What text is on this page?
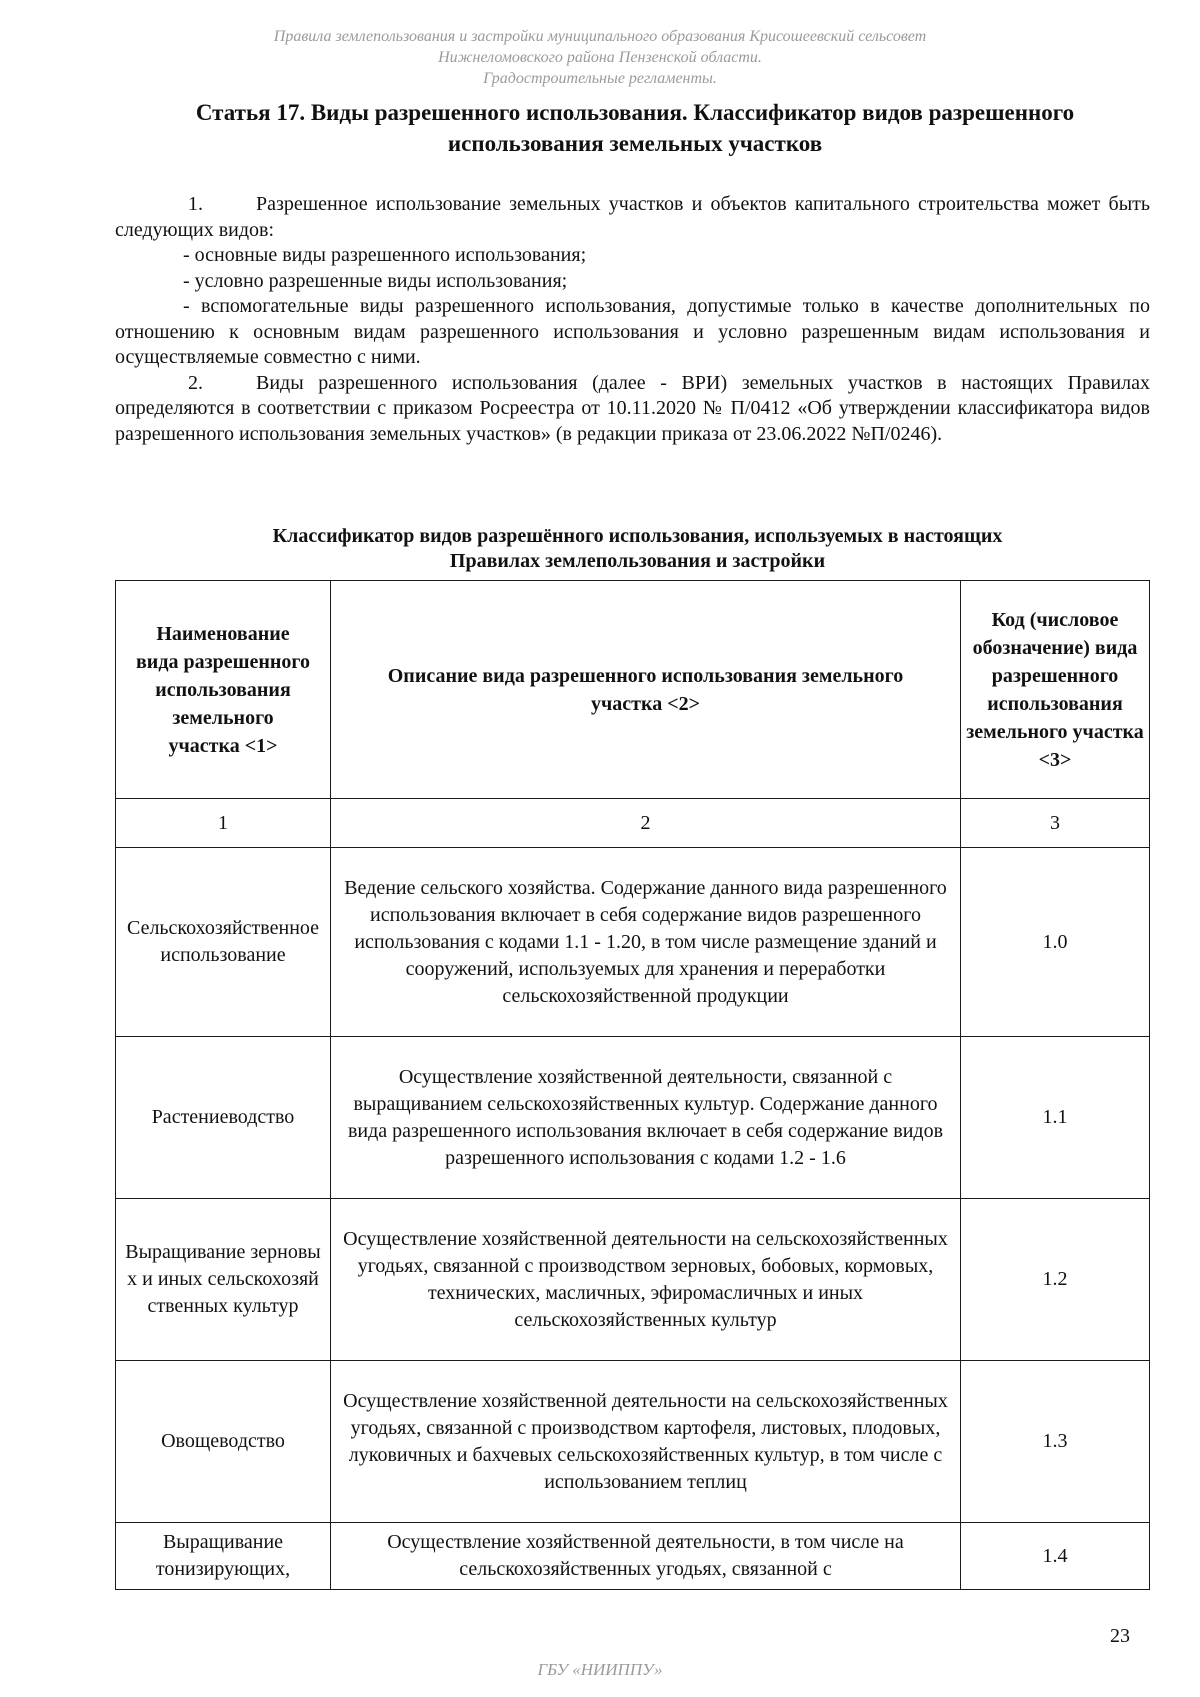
Правила землепользования и застройки муниципального образования Крисошеевский сельсовет
Нижнеломовского района Пензенской области.
Градостроительные регламенты.
Статья 17. Виды разрешенного использования. Классификатор видов разрешенного
использования земельных участков

1.	Разрешенное использование земельных участков и объектов капитального строительства может быть следующих видов:

- основные виды разрешенного использования;

- условно разрешенные виды использования;

- вспомогательные виды разрешенного использования, допустимые только в качестве дополнительных по отношению к основным видам разрешенного использования и условно разрешенным видам использования и осуществляемые совместно с ними.

2.	Виды разрешенного использования (далее - ВРИ) земельных участков в настоящих Правилах определяются в соответствии с приказом Росреестра от 10.11.2020 № П/0412 «Об утверждении классификатора видов разрешенного использования земельных участков» (в редакции приказа от 23.06.2022 №П/0246).

Классификатор видов разрешённого использования, используемых в настоящих
Правилах землепользования и застройки
Наименование вида разрешенного использования земельного участка <1>	Описание вида разрешенного использования земельного участка <2>	Код (числовое обозначение) вида разрешенного использования земельного участка <3>
1	2	3
Сельскохозяйственное использование	Ведение сельского хозяйства. Содержание данного вида разрешенного использования включает в себя содержание видов разрешенного использования с кодами 1.1 - 1.20, в том числе размещение зданий и сооружений, используемых для хранения и переработки сельскохозяйственной продукции	1.0
Растениеводство	Осуществление хозяйственной деятельности, связанной с выращиванием сельскохозяйственных культур. Содержание данного вида разрешенного использования включает в себя содержание видов разрешенного использования с кодами 1.2 - 1.6	1.1
Выращивание зерновых и иных сельскохозяйственных культур	Осуществление хозяйственной деятельности на сельскохозяйственных угодьях, связанной с производством зерновых, бобовых, кормовых, технических, масличных, эфиромасличных и иных сельскохозяйственных культур	1.2
Овощеводство	Осуществление хозяйственной деятельности на сельскохозяйственных угодьях, связанной с производством картофеля, листовых, плодовых, луковичных и бахчевых сельскохозяйственных культур, в том числе с использованием теплиц	1.3
Выращивание тонизирующих,	Осуществление хозяйственной деятельности, в том числе на сельскохозяйственных угодьях, связанной с	1.4
23
ГБУ «НИИППУ»
